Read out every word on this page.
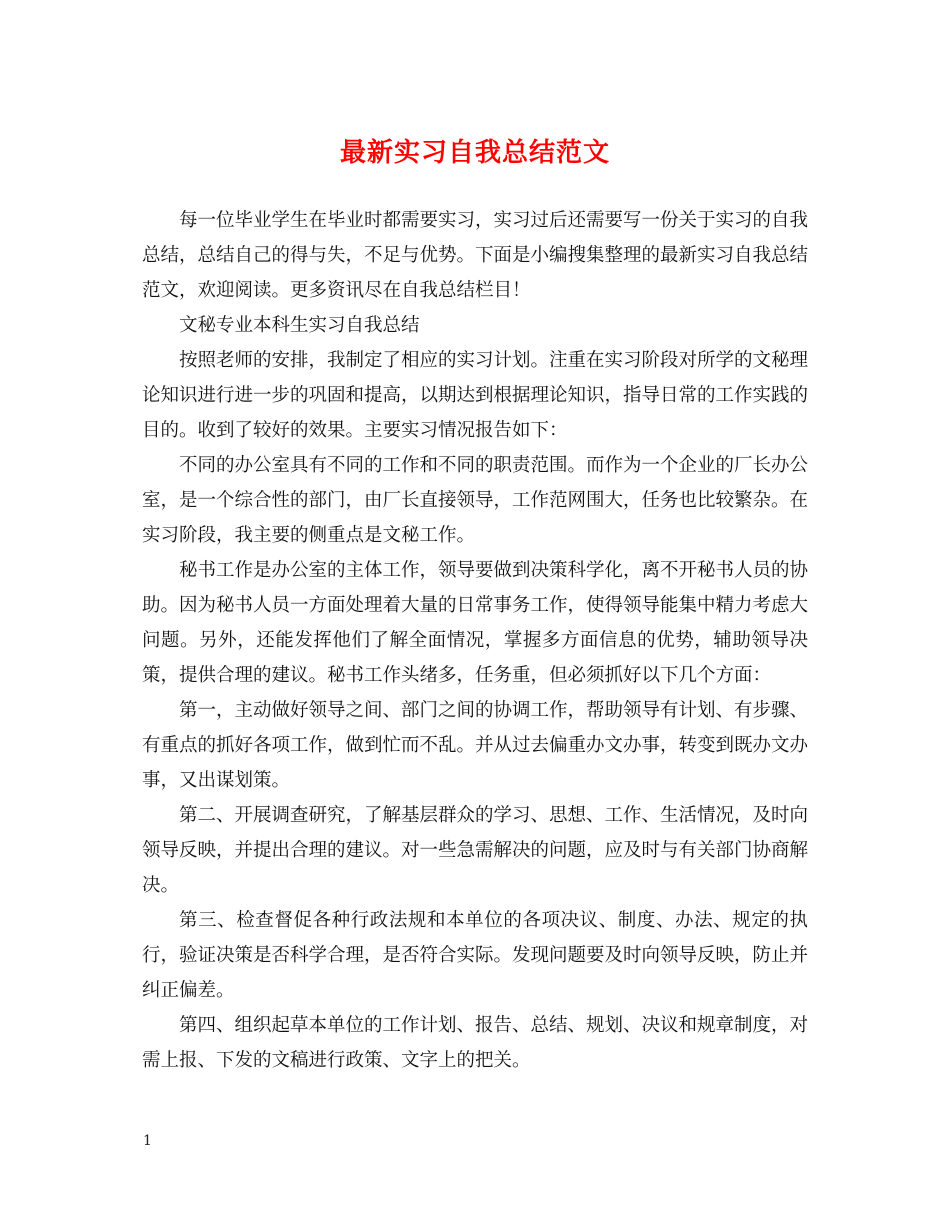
最新实习自我总结范文

每一位毕业学生在毕业时都需要实习，实习过后还需要写一份关于实习的自我总结，总结自己的得与失，不足与优势。下面是小编搜集整理的最新实习自我总结范文，欢迎阅读。更多资讯尽在自我总结栏目！

文秘专业本科生实习自我总结

按照老师的安排，我制定了相应的实习计划。注重在实习阶段对所学的文秘理论知识进行进一步的巩固和提高，以期达到根据理论知识，指导日常的工作实践的目的。收到了较好的效果。主要实习情况报告如下：

不同的办公室具有不同的工作和不同的职责范围。而作为一个企业的厂长办公室，是一个综合性的部门，由厂长直接领导，工作范网围大，任务也比较繁杂。在实习阶段，我主要的侧重点是文秘工作。

秘书工作是办公室的主体工作，领导要做到决策科学化，离不开秘书人员的协助。因为秘书人员一方面处理着大量的日常事务工作，使得领导能集中精力考虑大问题。另外，还能发挥他们了解全面情况，掌握多方面信息的优势，辅助领导决策，提供合理的建议。秘书工作头绪多，任务重，但必须抓好以下几个方面：

第一，主动做好领导之间、部门之间的协调工作，帮助领导有计划、有步骤、有重点的抓好各项工作，做到忙而不乱。并从过去偏重办文办事，转变到既办文办事，又出谋划策。

第二、开展调查研究，了解基层群众的学习、思想、工作、生活情况，及时向领导反映，并提出合理的建议。对一些急需解决的问题，应及时与有关部门协商解决。

第三、检查督促各种行政法规和本单位的各项决议、制度、办法、规定的执行，验证决策是否科学合理，是否符合实际。发现问题要及时向领导反映，防止并纠正偏差。

第四、组织起草本单位的工作计划、报告、总结、规划、决议和规章制度，对需上报、下发的文稿进行政策、文字上的把关。

1
